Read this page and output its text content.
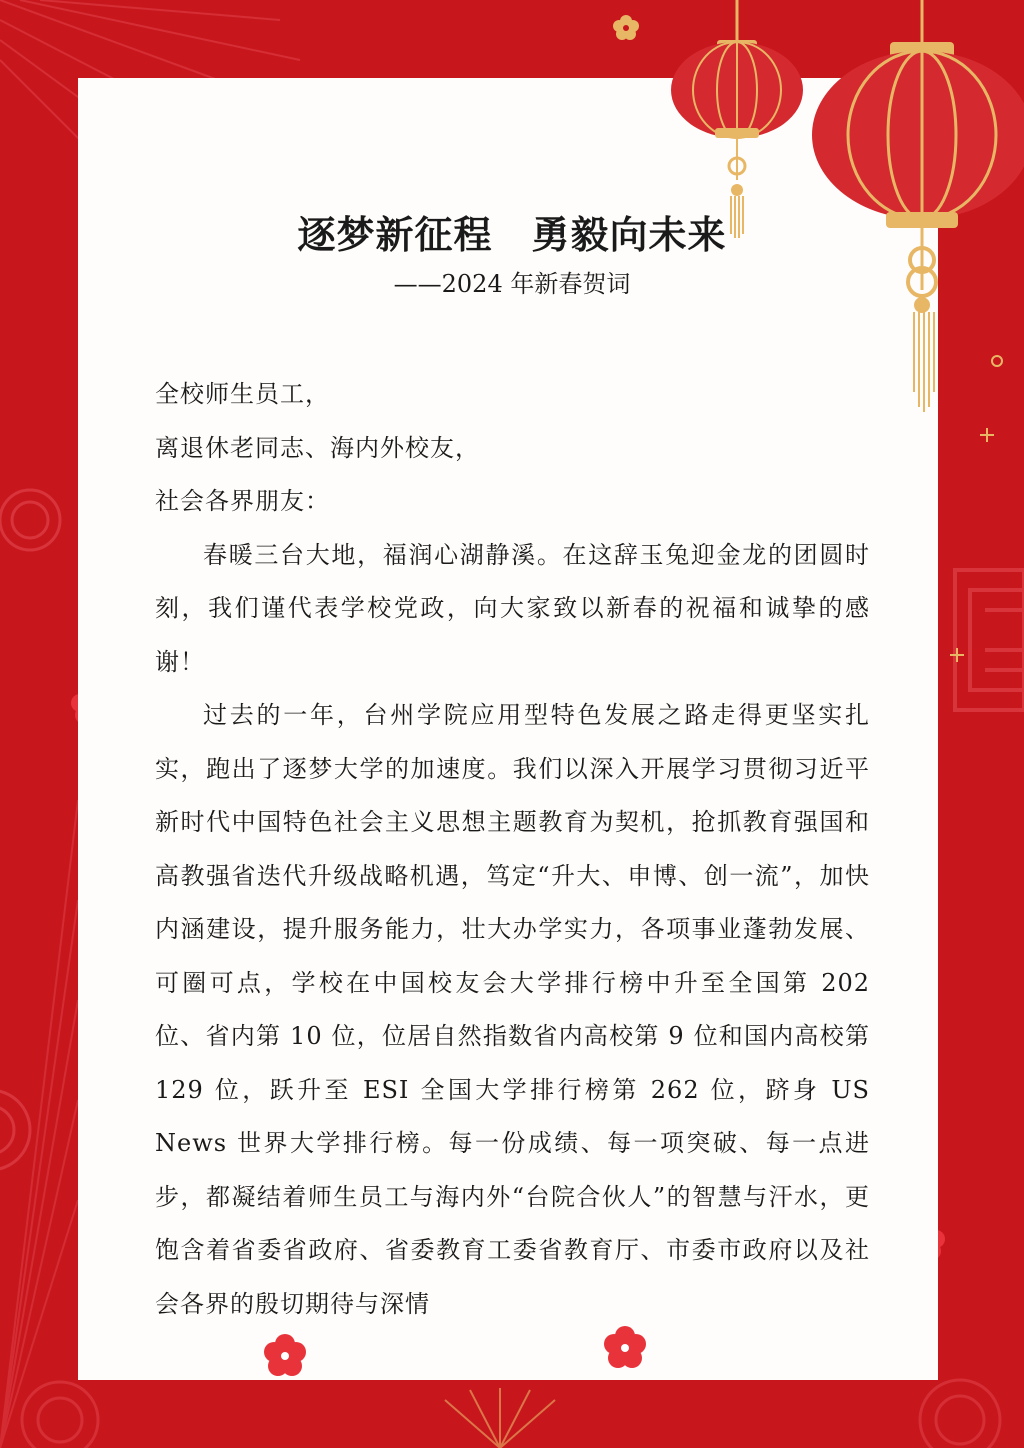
逐梦新征程　勇毅向未来

——2024 年新春贺词

全校师生员工，

离退休老同志、海内外校友，

社会各界朋友：

春暖三台大地，福润心湖静溪。在这辞玉兔迎金龙的团圆时刻，我们谨代表学校党政，向大家致以新春的祝福和诚挚的感谢！

过去的一年，台州学院应用型特色发展之路走得更坚实扎实，跑出了逐梦大学的加速度。我们以深入开展学习贯彻习近平新时代中国特色社会主义思想主题教育为契机，抢抓教育强国和高教强省迭代升级战略机遇，笃定“升大、申博、创一流”，加快内涵建设，提升服务能力，壮大办学实力，各项事业蓬勃发展、可圈可点，学校在中国校友会大学排行榜中升至全国第 202 位、省内第 10 位，位居自然指数省内高校第 9 位和国内高校第 129 位，跃升至 ESI 全国大学排行榜第 262 位，跻身 US News 世界大学排行榜。每一份成绩、每一项突破、每一点进步，都凝结着师生员工与海内外“台院合伙人”的智慧与汗水，更饱含着省委省政府、省委教育工委省教育厅、市委市政府以及社会各界的殷切期待与深情
